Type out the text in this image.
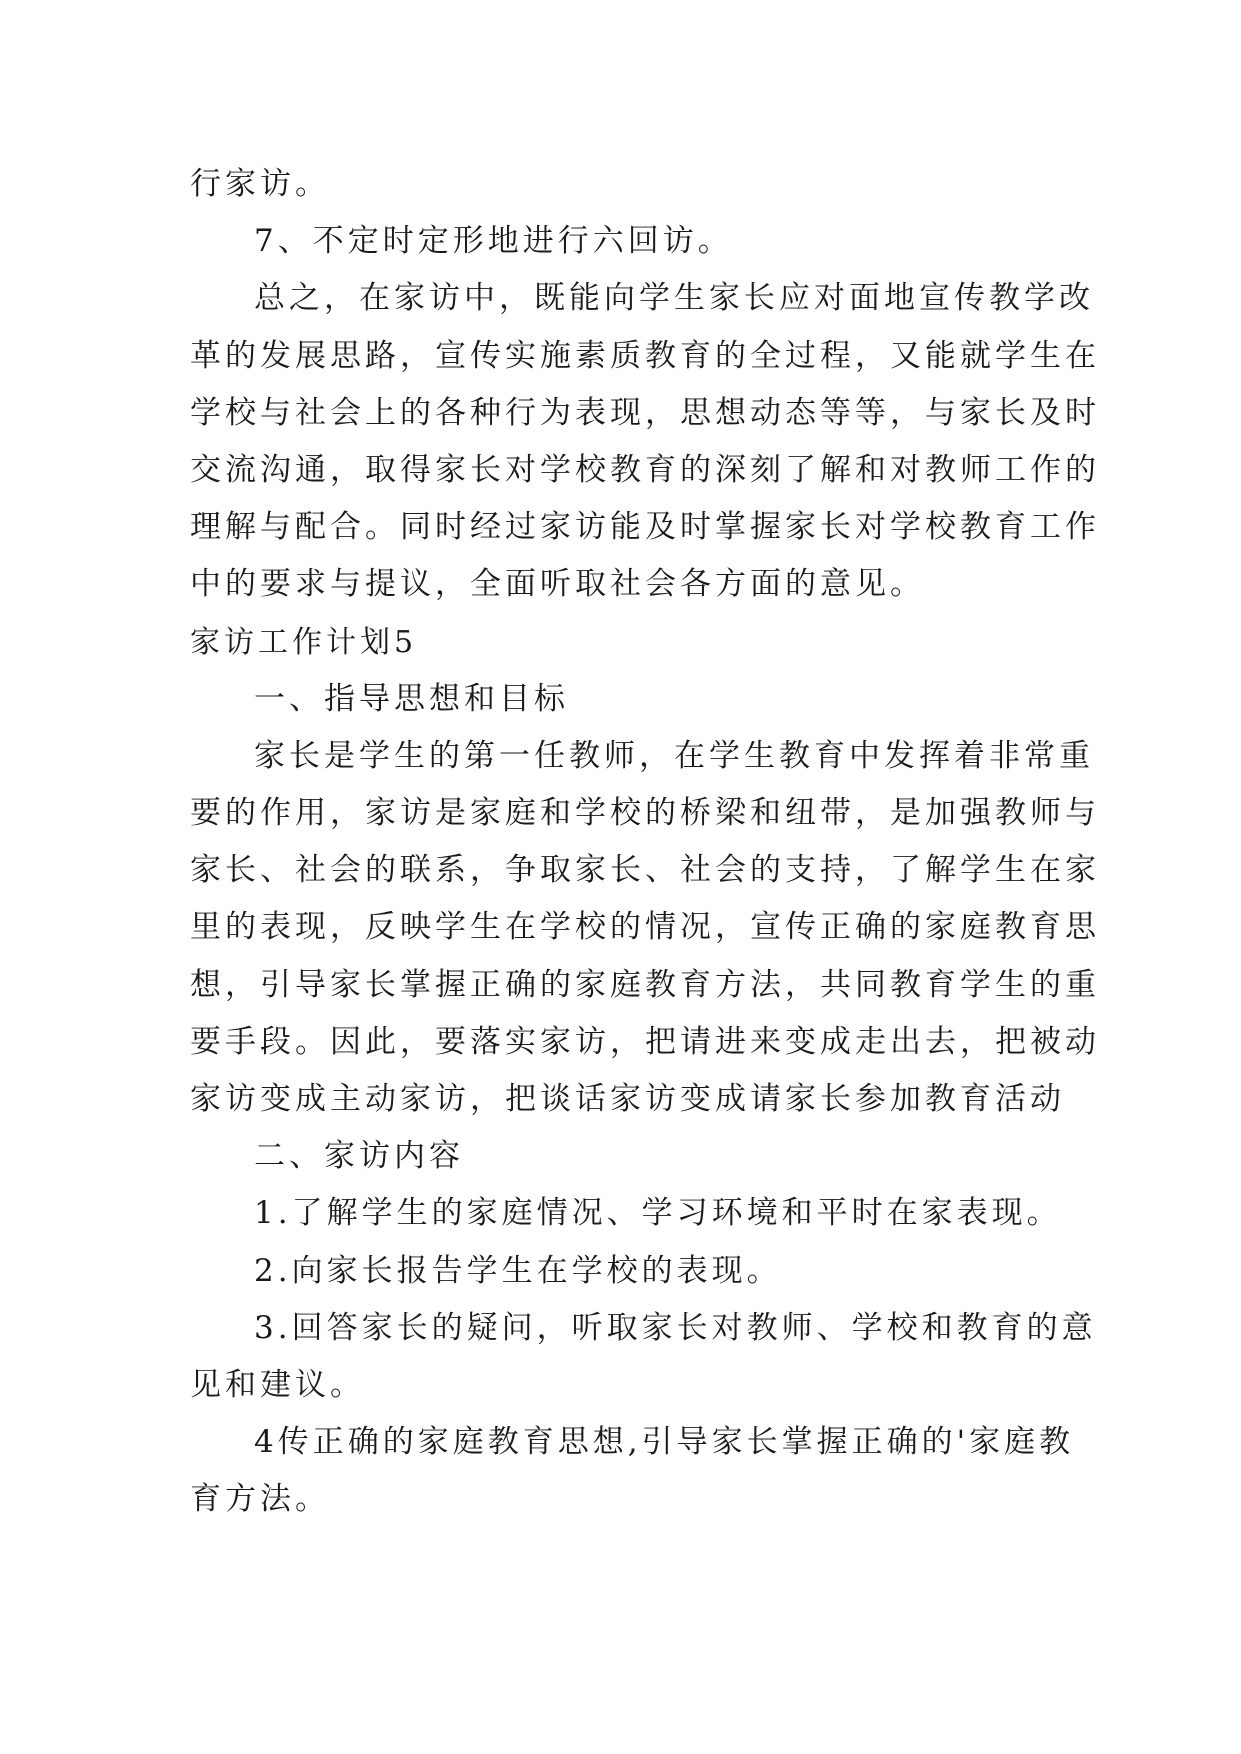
行家访。
7、不定时定形地进行六回访。
总之，在家访中，既能向学生家长应对面地宣传教学改
革的发展思路，宣传实施素质教育的全过程，又能就学生在
学校与社会上的各种行为表现，思想动态等等，与家长及时
交流沟通，取得家长对学校教育的深刻了解和对教师工作的
理解与配合。同时经过家访能及时掌握家长对学校教育工作
中的要求与提议，全面听取社会各方面的意见。
家访工作计划5
一、指导思想和目标
家长是学生的第一任教师，在学生教育中发挥着非常重
要的作用，家访是家庭和学校的桥梁和纽带，是加强教师与
家长、社会的联系，争取家长、社会的支持，了解学生在家
里的表现，反映学生在学校的情况，宣传正确的家庭教育思
想，引导家长掌握正确的家庭教育方法，共同教育学生的重
要手段。因此，要落实家访，把请进来变成走出去，把被动
家访变成主动家访，把谈话家访变成请家长参加教育活动
二、家访内容
1.了解学生的家庭情况、学习环境和平时在家表现。
2.向家长报告学生在学校的表现。
3.回答家长的疑问，听取家长对教师、学校和教育的意
见和建议。
4传正确的家庭教育思想,引导家长掌握正确的'家庭教
育方法。
